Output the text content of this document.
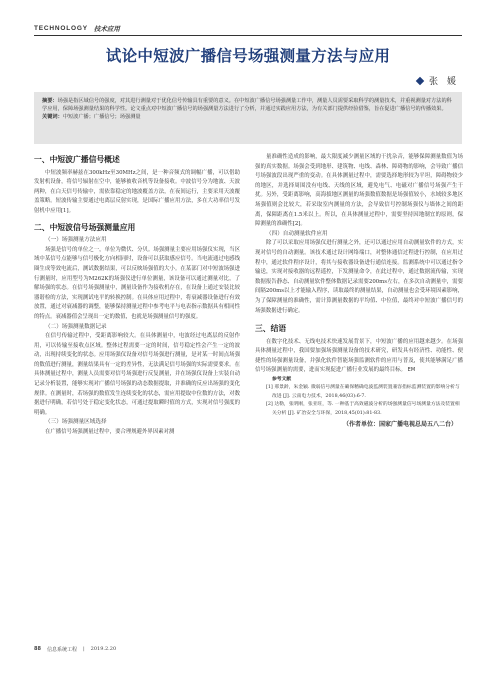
TECHNOLOGY 技术应用
试论中短波广播信号场强测量方法与应用
张　媛
摘要：场强是指区域信号的强度，对其进行测量对于优化信号传输具有重要的意义。在中短波广播信号场强测量工作中，测量人员需要采取科学的测量技术，并重视测量对方法的科学应用，保障场强测量结果的科学性。论文重点对中短波广播信号的场强测量方法进行了分析，并通过实践应用方法，为有关部门提供经验借鉴，旨在促进广播信号的传播效果。
关键词：中短波广播；广播信号；场强测量
一、中短波广播信号概述

中短波频率赫兹在300kHz至30MHz之间，是一种音频式的调幅广播，可以借助发射机设备，将信号辐射在空中，能够被收音机等设备接收。中波信号分为地波、天波两种，在白天信号传输中，需依靠稳定的地波覆盖方法，在夜间运行，主要采用天波覆盖策略。短波传输主要通过电离层反射实现，是国际广播应用方法，多在大功率信号发射机中应用[1]。

二、中短波信号场强测量应用
（一）场强测量方法应用

场强是信号的单位之一，单位为微伏、分贝。场强测量主要应用场强仪实现，当区域中某信号点能够与信号极化方向相同时，设备可以获取感应信号。当电流通过电感线圈生成等效电流后，测试数据结果，可以反映场强值的大小。在某部门对中短波场强进行测量时，应用型号为M262K的场强仪进行单位测量，该设备可以通过测量对比，了解场强的状态。在信号场强测量中，测量设备作为接收机存在，在设备上通过安装比较器谐检的方法，实现测试电平的转换控制。在具体应用过程中，将衰减器设备进行有效放置，通过对衰减器的调整，能够保持测量过程中参考电平与电表指示数据具有相同性的特点。衰减器值会呈现出一定的数值，也就是场强测量信号的强度。

（二）场强测量数据记录

在信号传输过程中，受距离影响较大。在具体测量中，电波经过电离层的反射作用，可以传输至接收点区域。整体过程需要一定的时间，信号稳定性会产生一定的波动，出现持续变化的状态。应用场强仪设备对信号场强进行测量，是对某一时间点场强的数值进行测量，测量结果具有一定的差异性，无法满足信号场强的实际需要要求。在具体测量过程中，测量人员需要对信号场强进行反复测量，并在场强仪设备上实装自动记录分析装置，能够实现对广播信号场强的动态数据提取，并准确的反应出场强的变化规律。在测量时，若场强的数值发生连续变化的状态，需应用提取中位数的方法，对数据进行明确，若信号处于稳定变化状态，可通过提取瞬时值的方式，实现对信号强度的明确。

（三）场强测量区域选择

在广播信号场强测量过程中，要合理规避外界因素对测

量准确性造成的影响，最大限度减少测量区域的干扰杂音，能够保障测量数值为场强的真实数据。场强会受到地形、建筑物、电线、森林、障碍物的影响，会导致广播信号场强波段出现严重的变动。在具体测量过程中，需要选择地形较为平坦，障碍物较少的地区，并选择周围没有电线、天线的区域，避免电气、电磁对广播信号场强产生干扰。另外，受距离影响，高海拔地区测量的场强数值数据是场强值较小，水域较多地区场强值则会比较大，若采取室内测量的方法，会导致信号控制场强仪与墙体之间的距离，保障距离在1.5米以上。所以，在具体测量过程中，需要坚持因地制宜的原则，保障测量的准确性[2]。

（四）自动测量软件应用

除了可以采取应用场强仪进行测量之外，还可以通过应用自动测量软件的方式，实现对信号的自动测量。该技术通过设计网络端口，对整体通信过程进行控制，在应用过程中，通过软件程序设计，将其与接收器设备进行通信连接。监测系统中可以通过指令输送，实现对接收器的远程遥控，下发测量命令，在此过程中，通过数据流传输，实现数据报告静态、自动测量软件整体数据记录需要200ms左右，在多次自动测量中，需要间隔200ms以上才能输入程序，读取最终的测量结果，自动测量也会受环境因素影响，为了保障测量的准确性，需计算测量数据的平均值、中位值，最终对中短波广播信号的场强数据进行确定。

三、结语

在数字化技术、无线电技术快速发展背景下，中短波广播的应用越来越少。在场强具体测量过程中，我国要加强场强测量设备的技术研究，研发具有经济性、功能性、便捷性的场强测量设备，并强化软件智能场强监测软件的应用与普及，使其能够满足广播信号场强测量的需要，进而实现促进广播行业发展的最终目标。 EM

参考文献
[1] 邢景龄，朱金颖. 微弱信号测量在确保精确电波监测装置兼容指标监测装置的影响分析与改进 [J]. 云南电力技术，2018,46(03):6-7.
[2] 达勒，张明刚，张亚旺，等. 一种基于高效磁波分析的场强测量信号场测量方法及装置相关分析 [J]. 矿冶安全与环保，2018,45(01):81-83.
（作者单位：国家广播电视总局五八二台）
88 信息系统工程 | 2019.2.20
